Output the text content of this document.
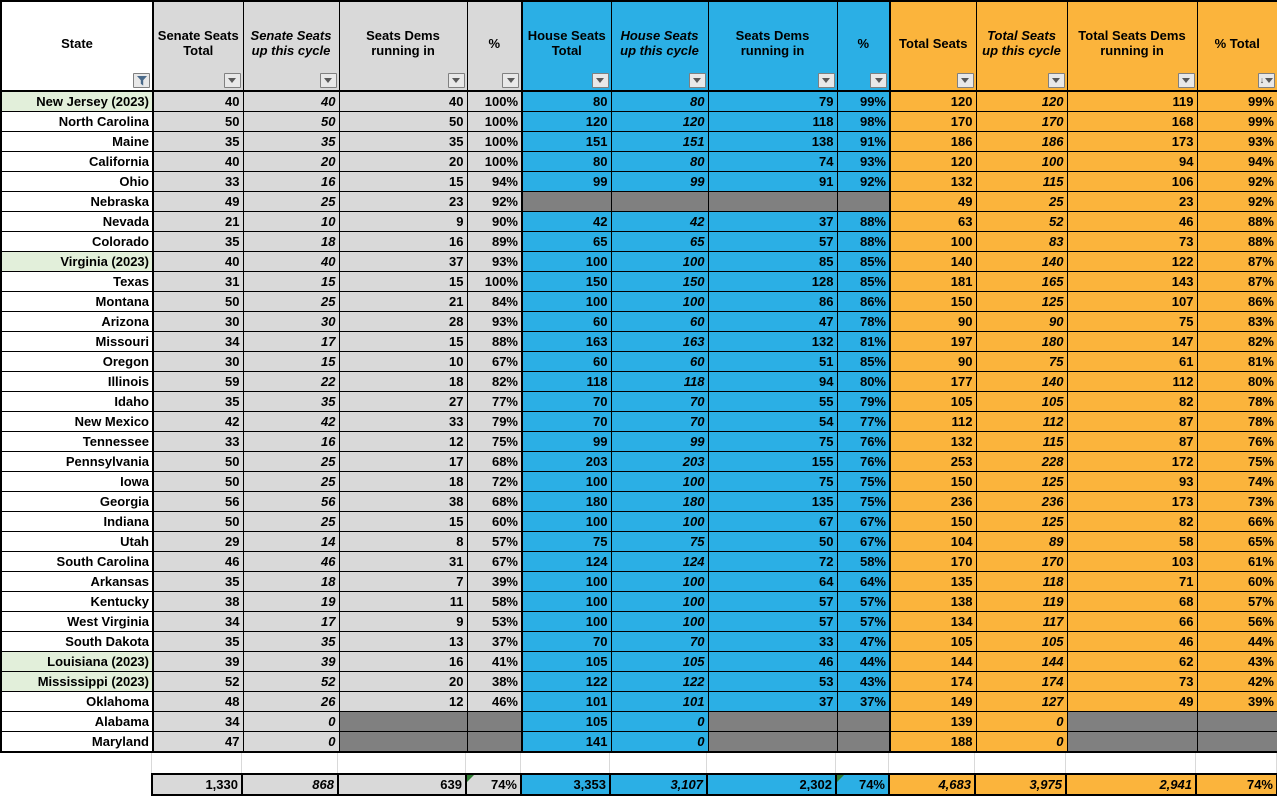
State	Senate Seats Total	Senate Seats up this cycle	Seats Dems running in	%	House Seats Total	House Seats up this cycle	Seats Dems running in	%	Total Seats	Total Seats up this cycle	Total Seats Dems running in	% Total
↓

New Jersey (2023)	40	40	40	100%	80	80	79	99%	120	120	119	99%
North Carolina	50	50	50	100%	120	120	118	98%	170	170	168	99%
Maine	35	35	35	100%	151	151	138	91%	186	186	173	93%
California	40	20	20	100%	80	80	74	93%	120	100	94	94%
Ohio	33	16	15	94%	99	99	91	92%	132	115	106	92%
Nebraska	49	25	23	92%					49	25	23	92%
Nevada	21	10	9	90%	42	42	37	88%	63	52	46	88%
Colorado	35	18	16	89%	65	65	57	88%	100	83	73	88%
Virginia (2023)	40	40	37	93%	100	100	85	85%	140	140	122	87%
Texas	31	15	15	100%	150	150	128	85%	181	165	143	87%
Montana	50	25	21	84%	100	100	86	86%	150	125	107	86%
Arizona	30	30	28	93%	60	60	47	78%	90	90	75	83%
Missouri	34	17	15	88%	163	163	132	81%	197	180	147	82%
Oregon	30	15	10	67%	60	60	51	85%	90	75	61	81%
Illinois	59	22	18	82%	118	118	94	80%	177	140	112	80%
Idaho	35	35	27	77%	70	70	55	79%	105	105	82	78%
New Mexico	42	42	33	79%	70	70	54	77%	112	112	87	78%
Tennessee	33	16	12	75%	99	99	75	76%	132	115	87	76%
Pennsylvania	50	25	17	68%	203	203	155	76%	253	228	172	75%
Iowa	50	25	18	72%	100	100	75	75%	150	125	93	74%
Georgia	56	56	38	68%	180	180	135	75%	236	236	173	73%
Indiana	50	25	15	60%	100	100	67	67%	150	125	82	66%
Utah	29	14	8	57%	75	75	50	67%	104	89	58	65%
South Carolina	46	46	31	67%	124	124	72	58%	170	170	103	61%
Arkansas	35	18	7	39%	100	100	64	64%	135	118	71	60%
Kentucky	38	19	11	58%	100	100	57	57%	138	119	68	57%
West Virginia	34	17	9	53%	100	100	57	57%	134	117	66	56%
South Dakota	35	35	13	37%	70	70	33	47%	105	105	46	44%
Louisiana (2023)	39	39	16	41%	105	105	46	44%	144	144	62	43%
Mississippi (2023)	52	52	20	38%	122	122	53	43%	174	174	73	42%
Oklahoma	48	26	12	46%	101	101	37	37%	149	127	49	39%
Alabama	34	0			105	0			139	0		
Maryland	47	0			141	0			188	0		
	1,330	868	639	74%	3,353	3,107	2,302	74%	4,683	3,975	2,941	74%
